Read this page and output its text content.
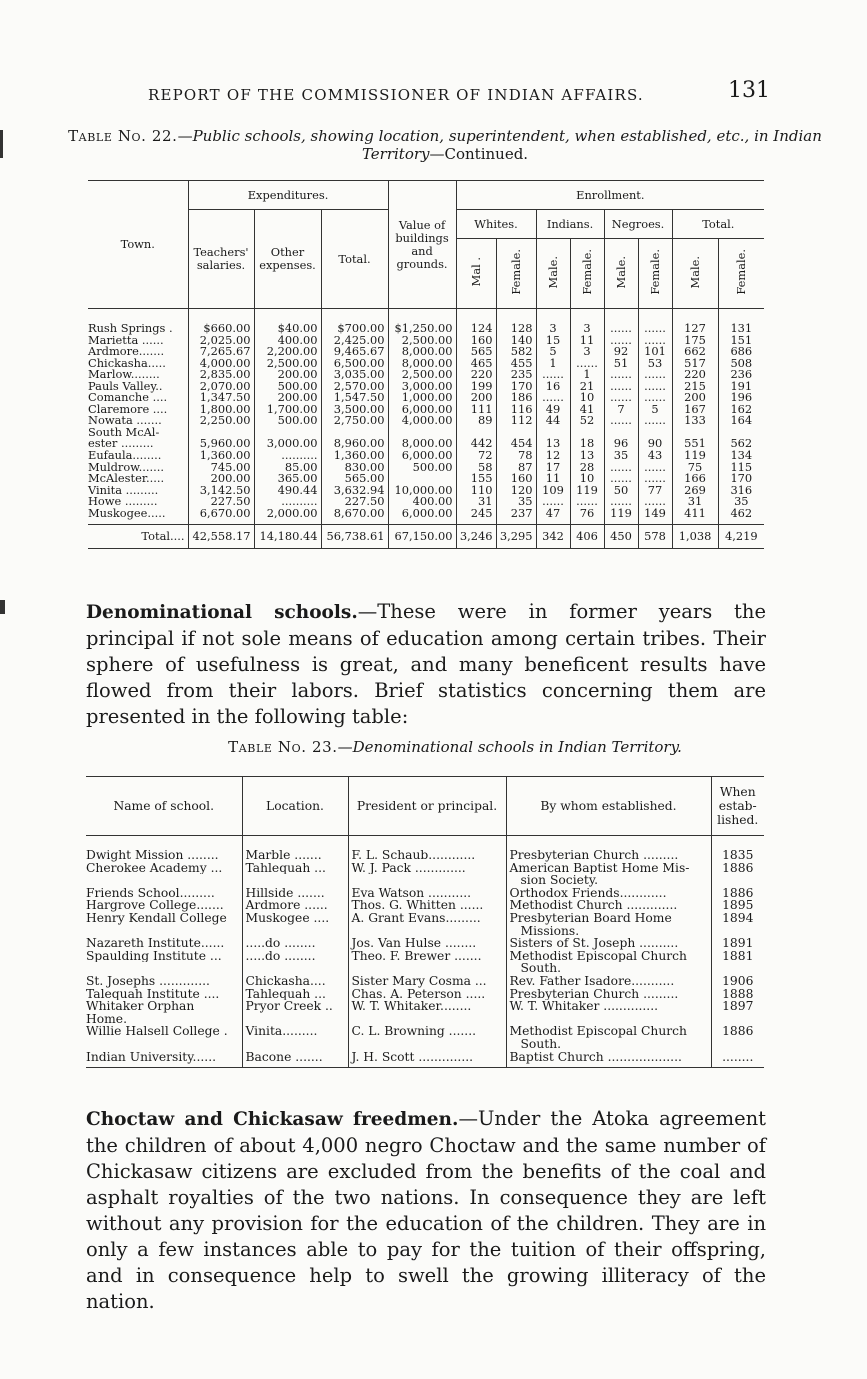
REPORT OF THE COMMISSIONER OF INDIAN AFFAIRS.	131
Table No. 22.—Public schools, showing location, superintendent, when established, etc., in Indian Territory—Continued.
Town.	Expenditures.			Value of buildings and grounds.	Enrollment.							
	Teachers' salaries.	Other expenses.	Total.		Whites.		Indians.		Negroes.		Total.	
					Mal .	Female.	Male.	Female.	Male.	Female.	Male.	Female.
Rush Springs .	$660.00	$40.00	$700.00	$1,250.00	124	128	3	3	......	......	127	131
Marietta ......	2,025.00	400.00	2,425.00	2,500.00	160	140	15	11	......	......	175	151
Ardmore.......	7,265.67	2,200.00	9,465.67	8,000.00	565	582	5	3	92	101	662	686
Chickasha.....	4,000.00	2,500.00	6,500.00	8,000.00	465	455	1	......	51	53	517	508
Marlow........	2,835.00	200.00	3,035.00	2,500.00	220	235	......	1	......	......	220	236
Pauls Valley..	2,070.00	500.00	2,570.00	3,000.00	199	170	16	21	......	......	215	191
Comanche ....	1,347.50	200.00	1,547.50	1,000.00	200	186	......	10	......	......	200	196
Claremore ....	1,800.00	1,700.00	3,500.00	6,000.00	111	116	49	41	7	5	167	162
Nowata .......	2,250.00	500.00	2,750.00	4,000.00	89	112	44	52	......	......	133	164
South McAl-												
ester .........	5,960.00	3,000.00	8,960.00	8,000.00	442	454	13	18	96	90	551	562
Eufaula........	1,360.00	..........	1,360.00	6,000.00	72	78	12	13	35	43	119	134
Muldrow.......	745.00	85.00	830.00	500.00	58	87	17	28	......	......	75	115
McAlester.....	200.00	365.00	565.00		155	160	11	10	......	......	166	170
Vinita .........	3,142.50	490.44	3,632.94	10,000.00	110	120	109	119	50	77	269	316
Howe .........	227.50	..........	227.50	400.00	31	35	......	......	......	......	31	35
Muskogee.....	6,670.00	2,000.00	8,670.00	6,000.00	245	237	47	76	119	149	411	462
Total....	42,558.17	14,180.44	56,738.61	67,150.00	3,246	3,295	342	406	450	578	1,038	4,219
Denominational schools.—These were in former years the principal if not sole means of education among certain tribes. Their sphere of usefulness is great, and many beneficent results have flowed from their labors. Brief statistics concerning them are presented in the following table:
Table No. 23.—Denominational schools in Indian Territory.
Name of school.	Location.	President or principal.	By whom established.	When estab-lished.
Dwight Mission ........	Marble .......	F. L. Schaub............	Presbyterian Church .........	1835
Cherokee Academy ...	Tahlequah ...	W. J. Pack .............	American Baptist Home Mis-	1886
			sion Society.	
Friends School.........	Hillside .......	Eva Watson ...........	Orthodox Friends............	1886
Hargrove College.......	Ardmore ......	Thos. G. Whitten ......	Methodist Church .............	1895
Henry Kendall College	Muskogee ....	A. Grant Evans.........	Presbyterian Board Home	1894
			Missions.	
Nazareth Institute......	.....do ........	Jos. Van Hulse ........	Sisters of St. Joseph ..........	1891
Spaulding Institute ...	.....do ........	Theo. F. Brewer .......	Methodist Episcopal Church	1881
			South.	
St. Josephs .............	Chickasha....	Sister Mary Cosma ...	Rev. Father Isadore...........	1906
Talequah Institute ....	Tahlequah ...	Chas. A. Peterson .....	Presbyterian Church .........	1888
Whitaker Orphan	Pryor Creek ..	W. T. Whitaker........	W. T. Whitaker ..............	1897
Home.				
Willie Halsell College .	Vinita.........	C. L. Browning .......	Methodist Episcopal Church	1886
			South.	
Indian University......	Bacone .......	J. H. Scott ..............	Baptist Church ...................	........
Choctaw and Chickasaw freedmen.—Under the Atoka agreement the children of about 4,000 negro Choctaw and the same number of Chickasaw citizens are excluded from the benefits of the coal and asphalt royalties of the two nations. In consequence they are left without any provision for the education of the children. They are in only a few instances able to pay for the tuition of their offspring, and in consequence help to swell the growing illiteracy of the nation.
